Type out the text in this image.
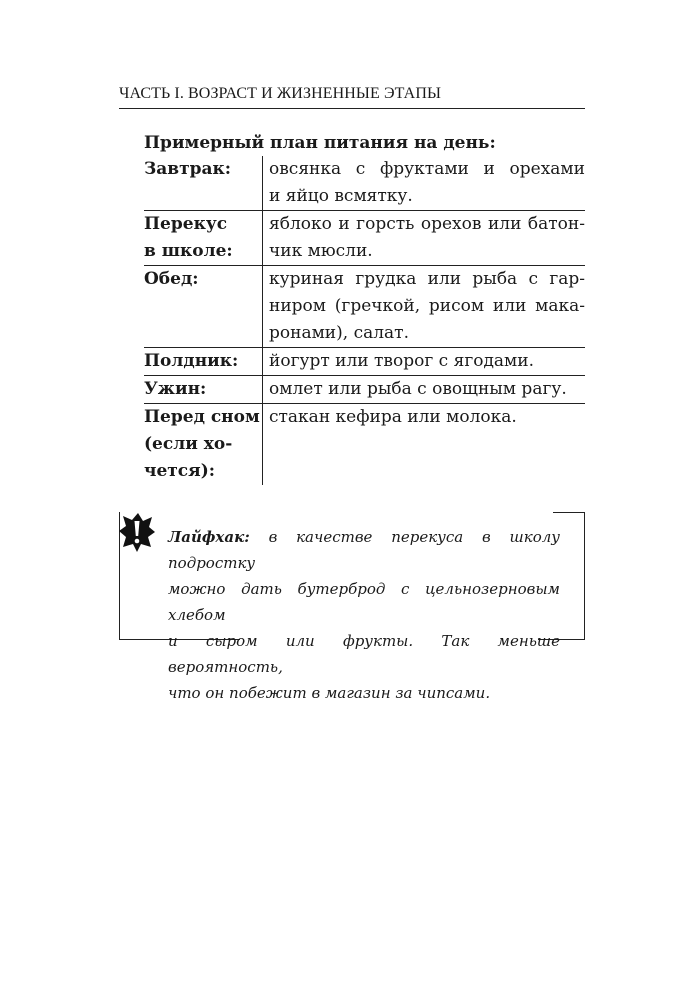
ЧАСТЬ I. ВОЗРАСТ И ЖИЗНЕННЫЕ ЭТАПЫ
Примерный план питания на день:
Завтрак:	овсянка с фруктами и орехами
и яйцо всмятку.

Перекус
в школе:	яблоко и горсть орехов или батон-
чик мюсли.

Обед:	куриная грудка или рыба с гар-
ниром (гречкой, рисом или мака-
ронами), салат.

Полдник:	йогурт или творог с ягодами.

Ужин:	омлет или рыба с овощным рагу.

Перед сном
(если хо-
чется):	стакан кефира или молока.
Лайфхак: в качестве перекуса в школу подростку
можно дать бутерброд с цельнозерновым хлебом
и сыром или фрукты. Так меньше вероятность,
что он побежит в магазин за чипсами.
